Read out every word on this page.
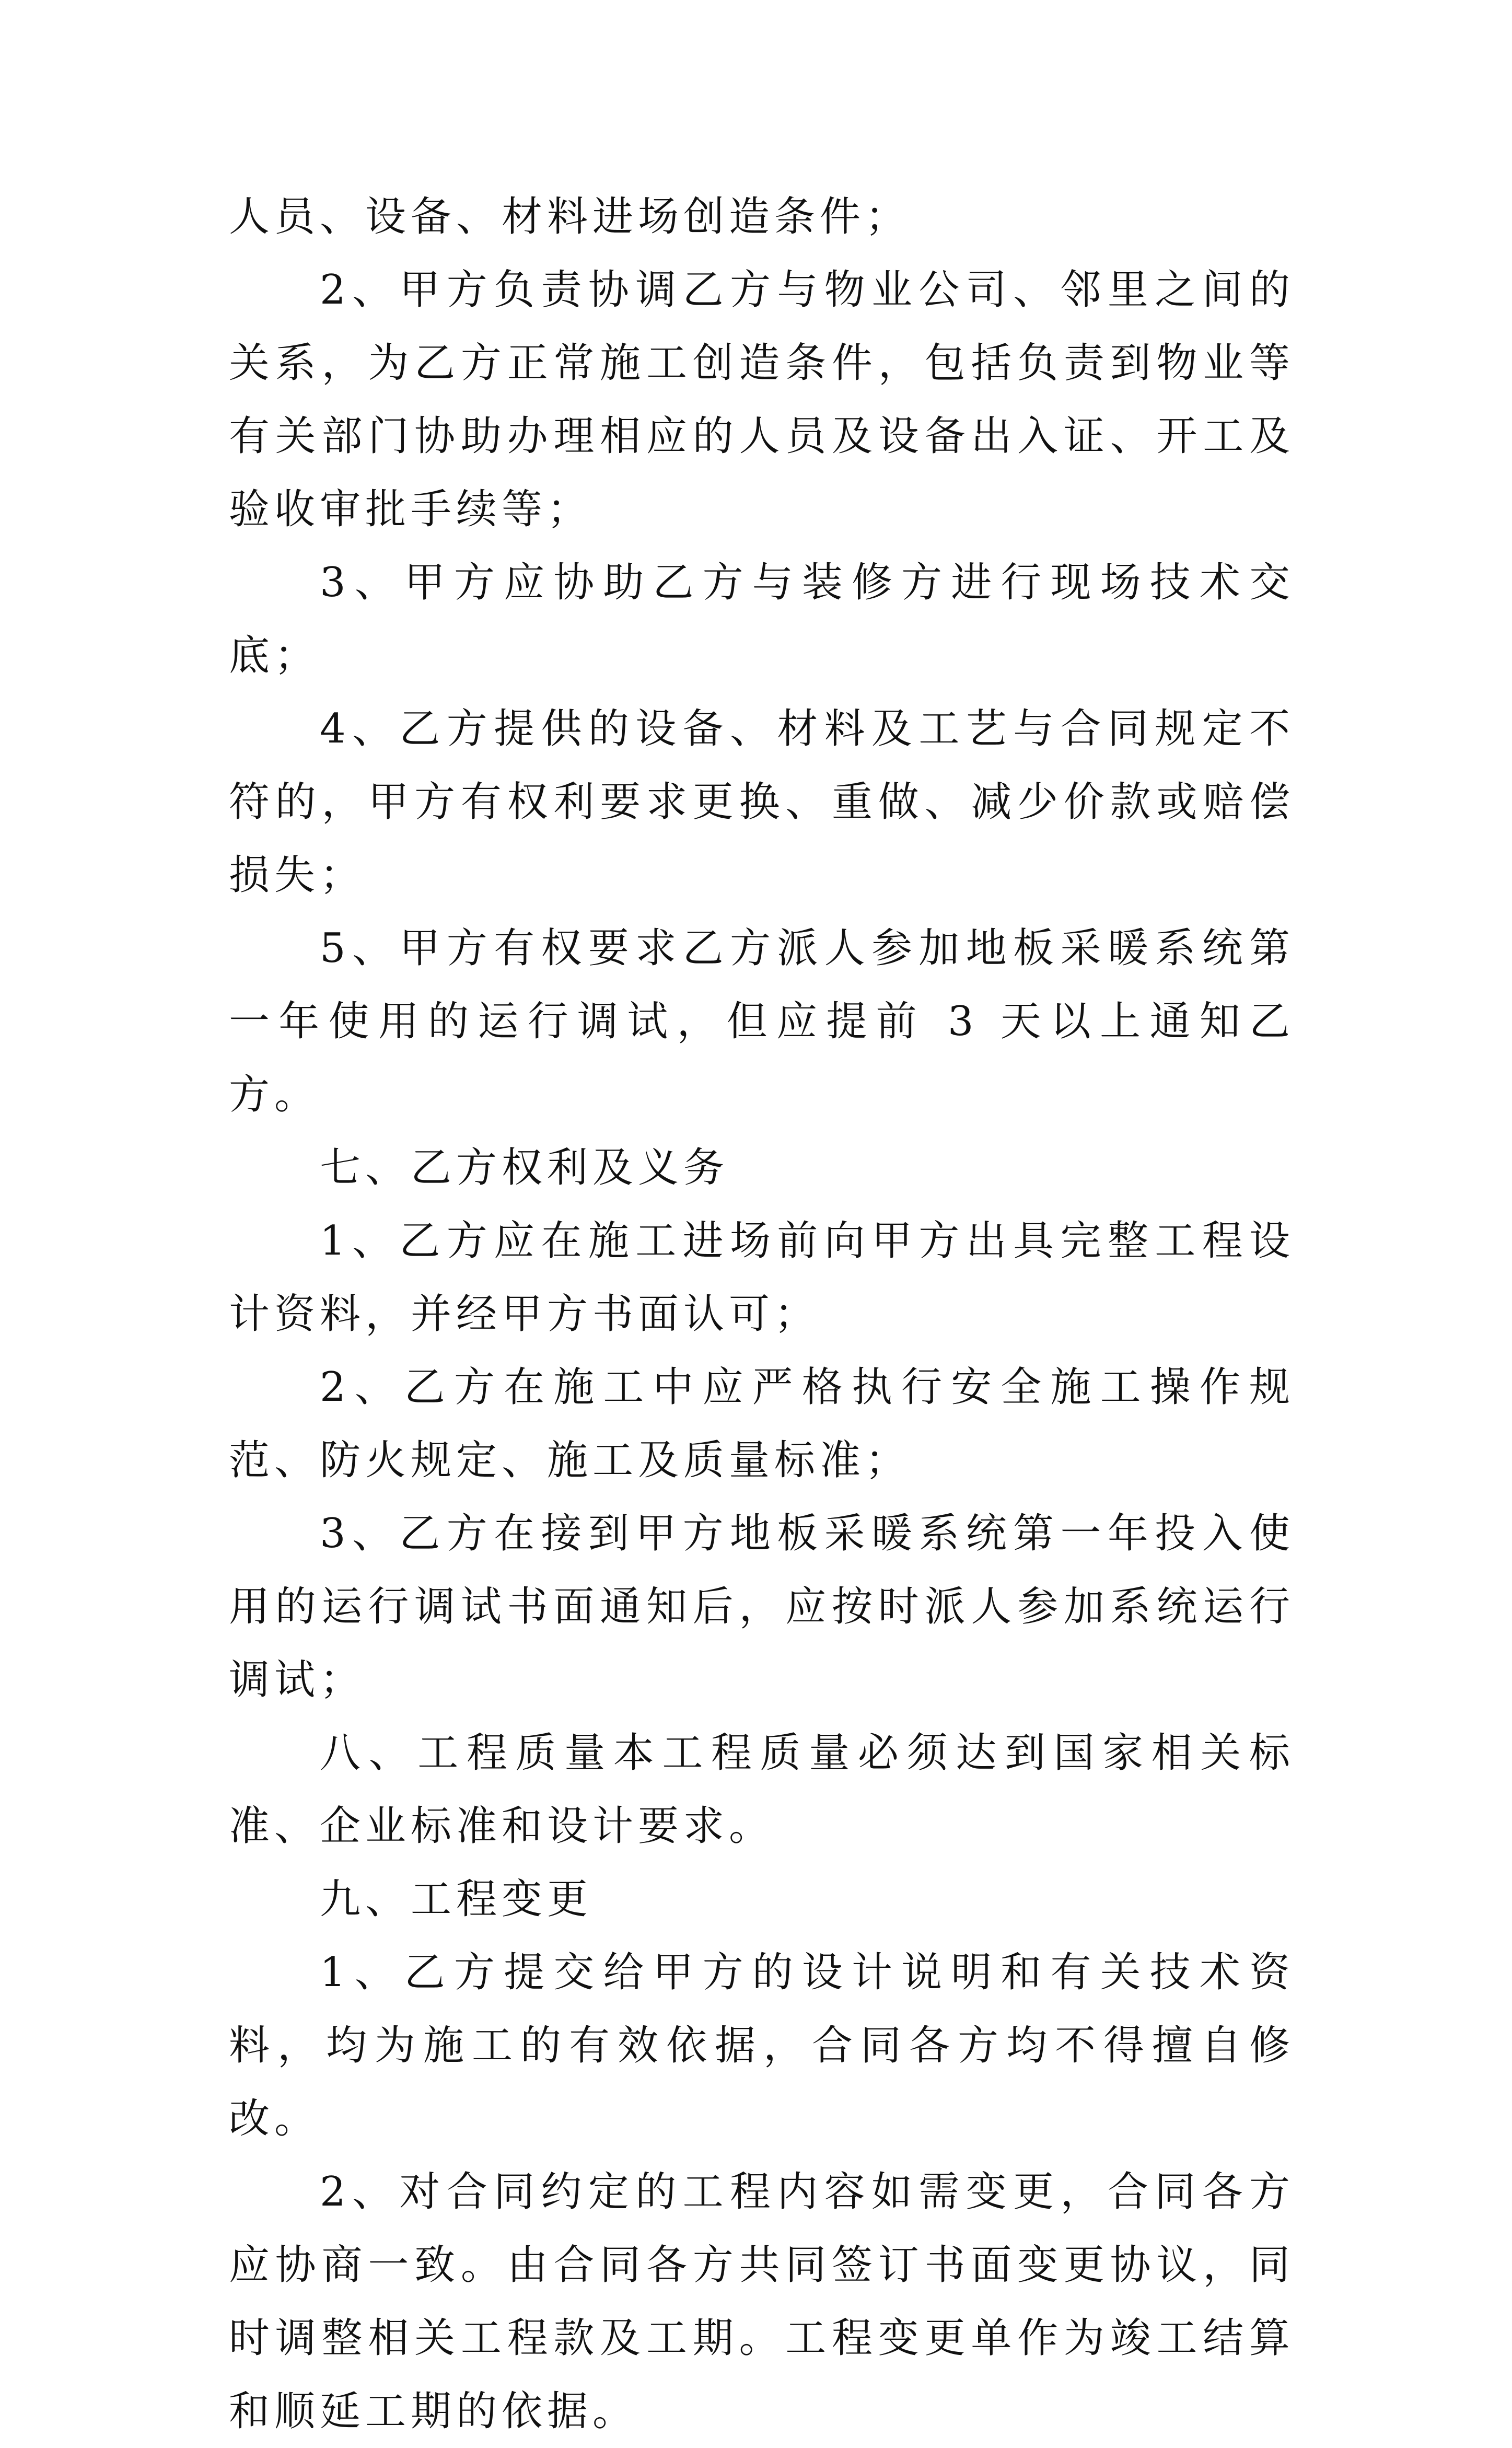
人员、设备、材料进场创造条件；

2、甲方负责协调乙方与物业公司、邻里之间的关系，为乙方正常施工创造条件，包括负责到物业等有关部门协助办理相应的人员及设备出入证、开工及验收审批手续等；

3、甲方应协助乙方与装修方进行现场技术交底；

4、乙方提供的设备、材料及工艺与合同规定不符的，甲方有权利要求更换、重做、减少价款或赔偿损失；

5、甲方有权要求乙方派人参加地板采暖系统第一年使用的运行调试，但应提前 3 天以上通知乙方。

七、乙方权利及义务

1、乙方应在施工进场前向甲方出具完整工程设计资料，并经甲方书面认可；

2、乙方在施工中应严格执行安全施工操作规范、防火规定、施工及质量标准；

3、乙方在接到甲方地板采暖系统第一年投入使用的运行调试书面通知后，应按时派人参加系统运行调试；

八、工程质量本工程质量必须达到国家相关标准、企业标准和设计要求。

九、工程变更

1、乙方提交给甲方的设计说明和有关技术资料，均为施工的有效依据，合同各方均不得擅自修改。

2、对合同约定的工程内容如需变更，合同各方应协商一致。由合同各方共同签订书面变更协议，同时调整相关工程款及工期。工程变更单作为竣工结算和顺延工期的依据。
